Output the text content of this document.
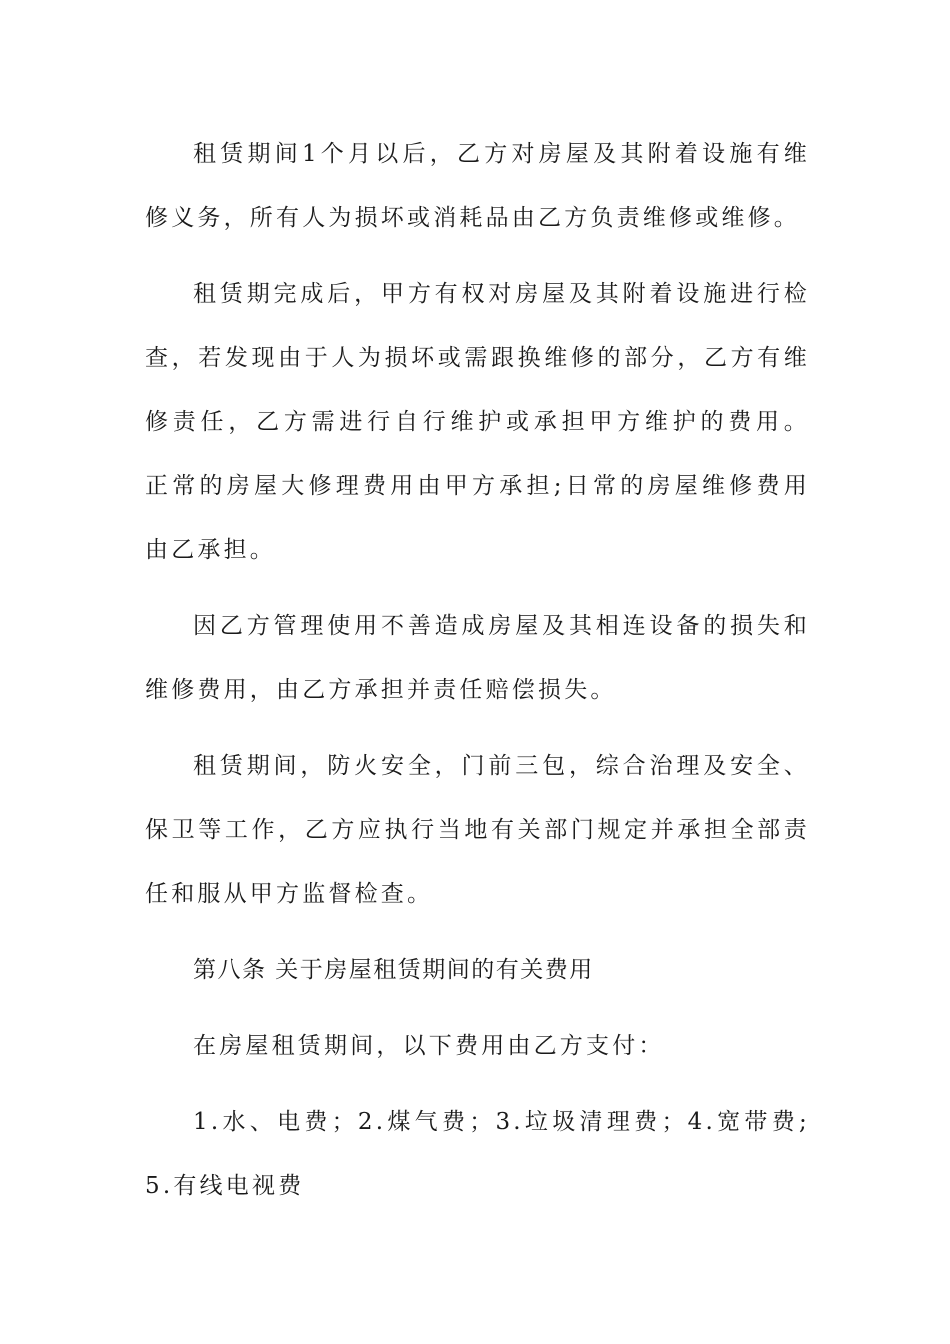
租赁期间1个月以后，乙方对房屋及其附着设施有维修义务，所有人为损坏或消耗品由乙方负责维修或维修。

租赁期完成后，甲方有权对房屋及其附着设施进行检查，若发现由于人为损坏或需跟换维修的部分，乙方有维修责任，乙方需进行自行维护或承担甲方维护的费用。 正常的房屋大修理费用由甲方承担;日常的房屋维修费用由乙承担。

因乙方管理使用不善造成房屋及其相连设备的损失和维修费用，由乙方承担并责任赔偿损失。

租赁期间，防火安全，门前三包，综合治理及安全、保卫等工作，乙方应执行当地有关部门规定并承担全部责任和服从甲方监督检查。

第八条 关于房屋租赁期间的有关费用

在房屋租赁期间，以下费用由乙方支付：

1.水、电费；2.煤气费；3.垃圾清理费；4.宽带费;5.有线电视费
